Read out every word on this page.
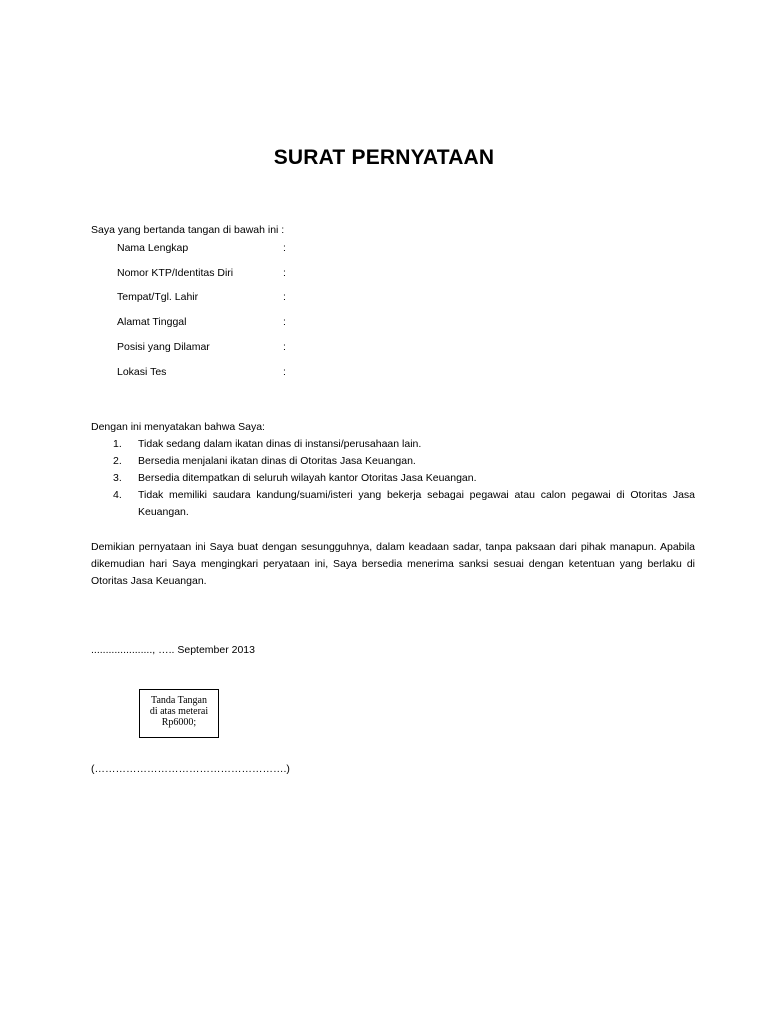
SURAT PERNYATAAN
Saya yang bertanda tangan di bawah ini :
Nama Lengkap	:
Nomor KTP/Identitas Diri	:
Tempat/Tgl. Lahir	:
Alamat Tinggal	:
Posisi yang Dilamar	:
Lokasi Tes	:
Dengan ini menyatakan bahwa Saya:
1. Tidak sedang dalam ikatan dinas di instansi/perusahaan lain.
2. Bersedia menjalani ikatan dinas di Otoritas Jasa Keuangan.
3. Bersedia ditempatkan di seluruh wilayah kantor Otoritas Jasa Keuangan.
4. Tidak memiliki saudara kandung/suami/isteri yang bekerja sebagai pegawai atau calon pegawai di Otoritas Jasa Keuangan.
Demikian pernyataan ini Saya buat dengan sesungguhnya, dalam keadaan sadar, tanpa paksaan dari pihak manapun. Apabila dikemudian hari Saya mengingkari peryataan ini, Saya bersedia menerima sanksi sesuai dengan ketentuan yang berlaku di Otoritas Jasa Keuangan.
....................., ….. September 2013
Tanda Tangan
di atas meterai
Rp6000;
(……………………………………………….)
